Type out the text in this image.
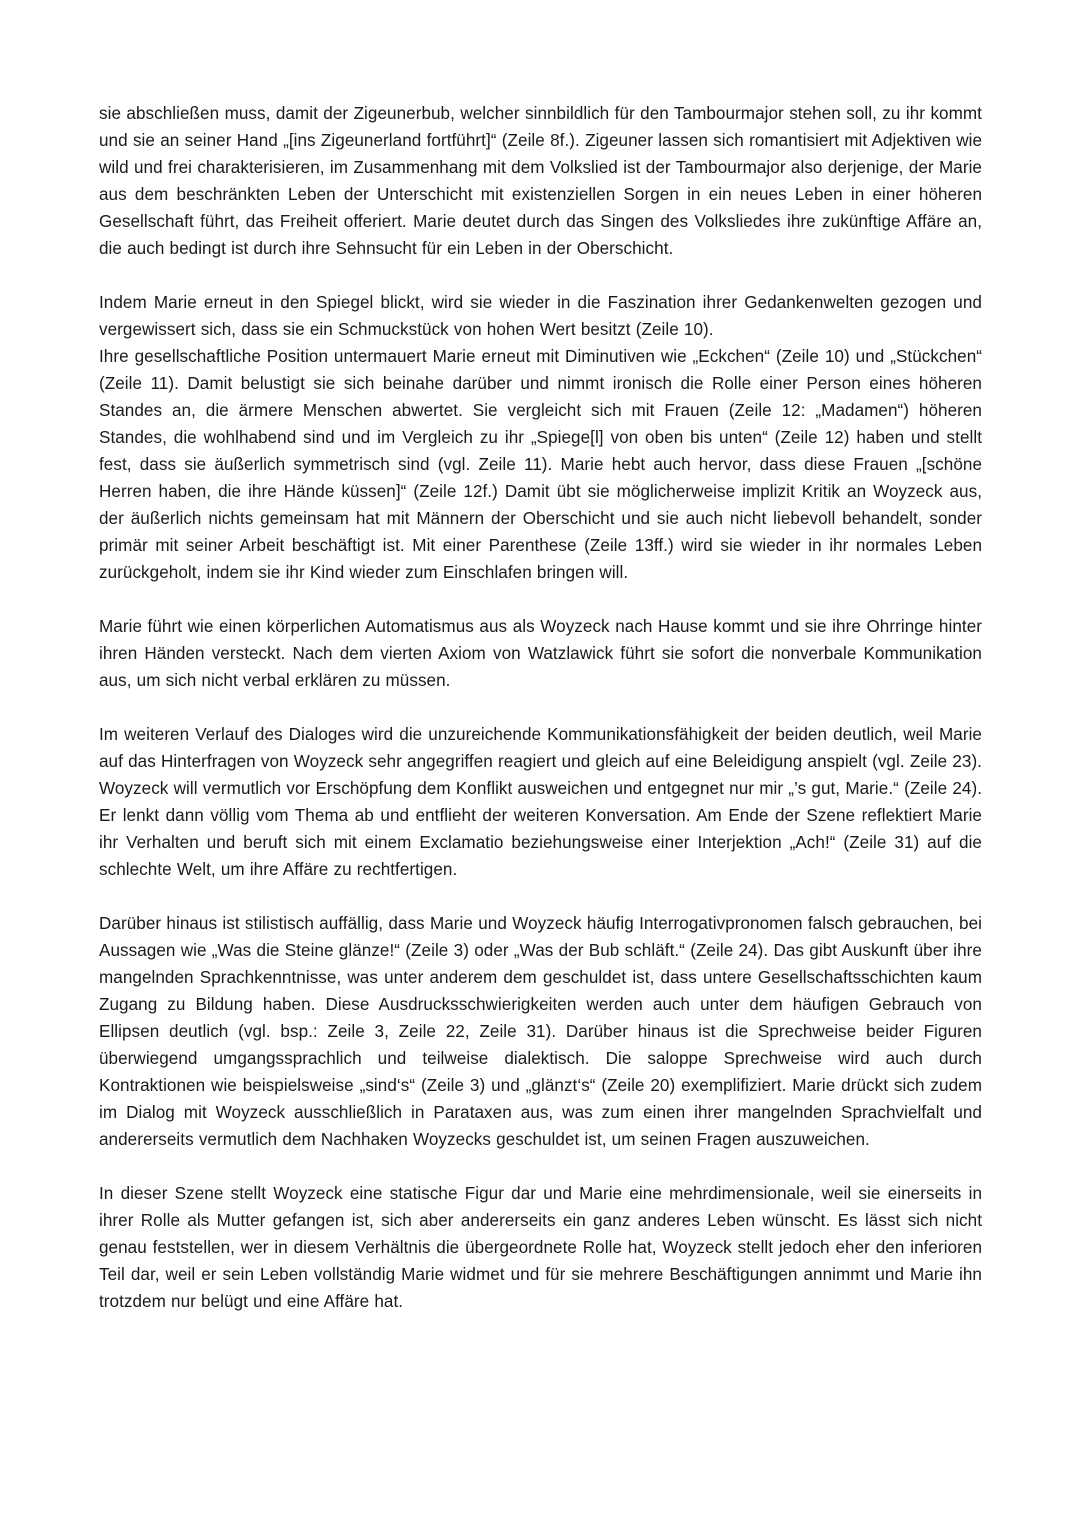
sie abschließen muss, damit der Zigeunerbub, welcher sinnbildlich für den Tambourmajor stehen soll, zu ihr kommt und sie an seiner Hand „[ins Zigeunerland fortführt]“ (Zeile 8f.). Zigeuner lassen sich romantisiert mit Adjektiven wie wild und frei charakterisieren, im Zusammenhang mit dem Volkslied ist der Tambourmajor also derjenige, der Marie aus dem beschränkten Leben der Unterschicht mit existenziellen Sorgen in ein neues Leben in einer höheren Gesellschaft führt, das Freiheit offeriert. Marie deutet durch das Singen des Volksliedes ihre zukünftige Affäre an, die auch bedingt ist durch ihre Sehnsucht für ein Leben in der Oberschicht.

Indem Marie erneut in den Spiegel blickt, wird sie wieder in die Faszination ihrer Gedankenwelten gezogen und vergewissert sich, dass sie ein Schmuckstück von hohen Wert besitzt (Zeile 10).

Ihre gesellschaftliche Position untermauert Marie erneut mit Diminutiven wie „Eckchen“ (Zeile 10) und „Stückchen“ (Zeile 11). Damit belustigt sie sich beinahe darüber und nimmt ironisch die Rolle einer Person eines höheren Standes an, die ärmere Menschen abwertet. Sie vergleicht sich mit Frauen (Zeile 12: „Madamen“) höheren Standes, die wohlhabend sind und im Vergleich zu ihr „Spiege[l] von oben bis unten“ (Zeile 12) haben und stellt fest, dass sie äußerlich symmetrisch sind (vgl. Zeile 11). Marie hebt auch hervor, dass diese Frauen „[schöne Herren haben, die ihre Hände küssen]“ (Zeile 12f.) Damit übt sie möglicherweise implizit Kritik an Woyzeck aus, der äußerlich nichts gemeinsam hat mit Männern der Oberschicht und sie auch nicht liebevoll behandelt, sonder primär mit seiner Arbeit beschäftigt ist. Mit einer Parenthese (Zeile 13ff.) wird sie wieder in ihr normales Leben zurückgeholt, indem sie ihr Kind wieder zum Einschlafen bringen will.

Marie führt wie einen körperlichen Automatismus aus als Woyzeck nach Hause kommt und sie ihre Ohrringe hinter ihren Händen versteckt. Nach dem vierten Axiom von Watzlawick führt sie sofort die nonverbale Kommunikation aus, um sich nicht verbal erklären zu müssen.

Im weiteren Verlauf des Dialoges wird die unzureichende Kommunikationsfähigkeit der beiden deutlich, weil Marie auf das Hinterfragen von Woyzeck sehr angegriffen reagiert und gleich auf eine Beleidigung anspielt (vgl. Zeile 23). Woyzeck will vermutlich vor Erschöpfung dem Konflikt ausweichen und entgegnet nur mir „’s gut, Marie.“ (Zeile 24). Er lenkt dann völlig vom Thema ab und entflieht der weiteren Konversation. Am Ende der Szene reflektiert Marie ihr Verhalten und beruft sich mit einem Exclamatio beziehungsweise einer Interjektion „Ach!“ (Zeile 31) auf die schlechte Welt, um ihre Affäre zu rechtfertigen.

Darüber hinaus ist stilistisch auffällig, dass Marie und Woyzeck häufig Interrogativpronomen falsch gebrauchen, bei Aussagen wie „Was die Steine glänze!“ (Zeile 3) oder „Was der Bub schläft.“ (Zeile 24). Das gibt Auskunft über ihre mangelnden Sprachkenntnisse, was unter anderem dem geschuldet ist, dass untere Gesellschaftsschichten kaum Zugang zu Bildung haben. Diese Ausdrucksschwierigkeiten werden auch unter dem häufigen Gebrauch von Ellipsen deutlich (vgl. bsp.: Zeile 3, Zeile 22, Zeile 31). Darüber hinaus ist die Sprechweise beider Figuren überwiegend umgangssprachlich und teilweise dialektisch. Die saloppe Sprechweise wird auch durch Kontraktionen wie beispielsweise „sind‘s“ (Zeile 3) und „glänzt‘s“ (Zeile 20) exemplifiziert. Marie drückt sich zudem im Dialog mit Woyzeck ausschließlich in Parataxen aus, was zum einen ihrer mangelnden Sprachvielfalt und andererseits vermutlich dem Nachhaken Woyzecks geschuldet ist, um seinen Fragen auszuweichen.

In dieser Szene stellt Woyzeck eine statische Figur dar und Marie eine mehrdimensionale, weil sie einerseits in ihrer Rolle als Mutter gefangen ist, sich aber andererseits ein ganz anderes Leben wünscht. Es lässt sich nicht genau feststellen, wer in diesem Verhältnis die übergeordnete Rolle hat, Woyzeck stellt jedoch eher den inferioren Teil dar, weil er sein Leben vollständig Marie widmet und für sie mehrere Beschäftigungen annimmt und Marie ihn trotzdem nur belügt und eine Affäre hat.
